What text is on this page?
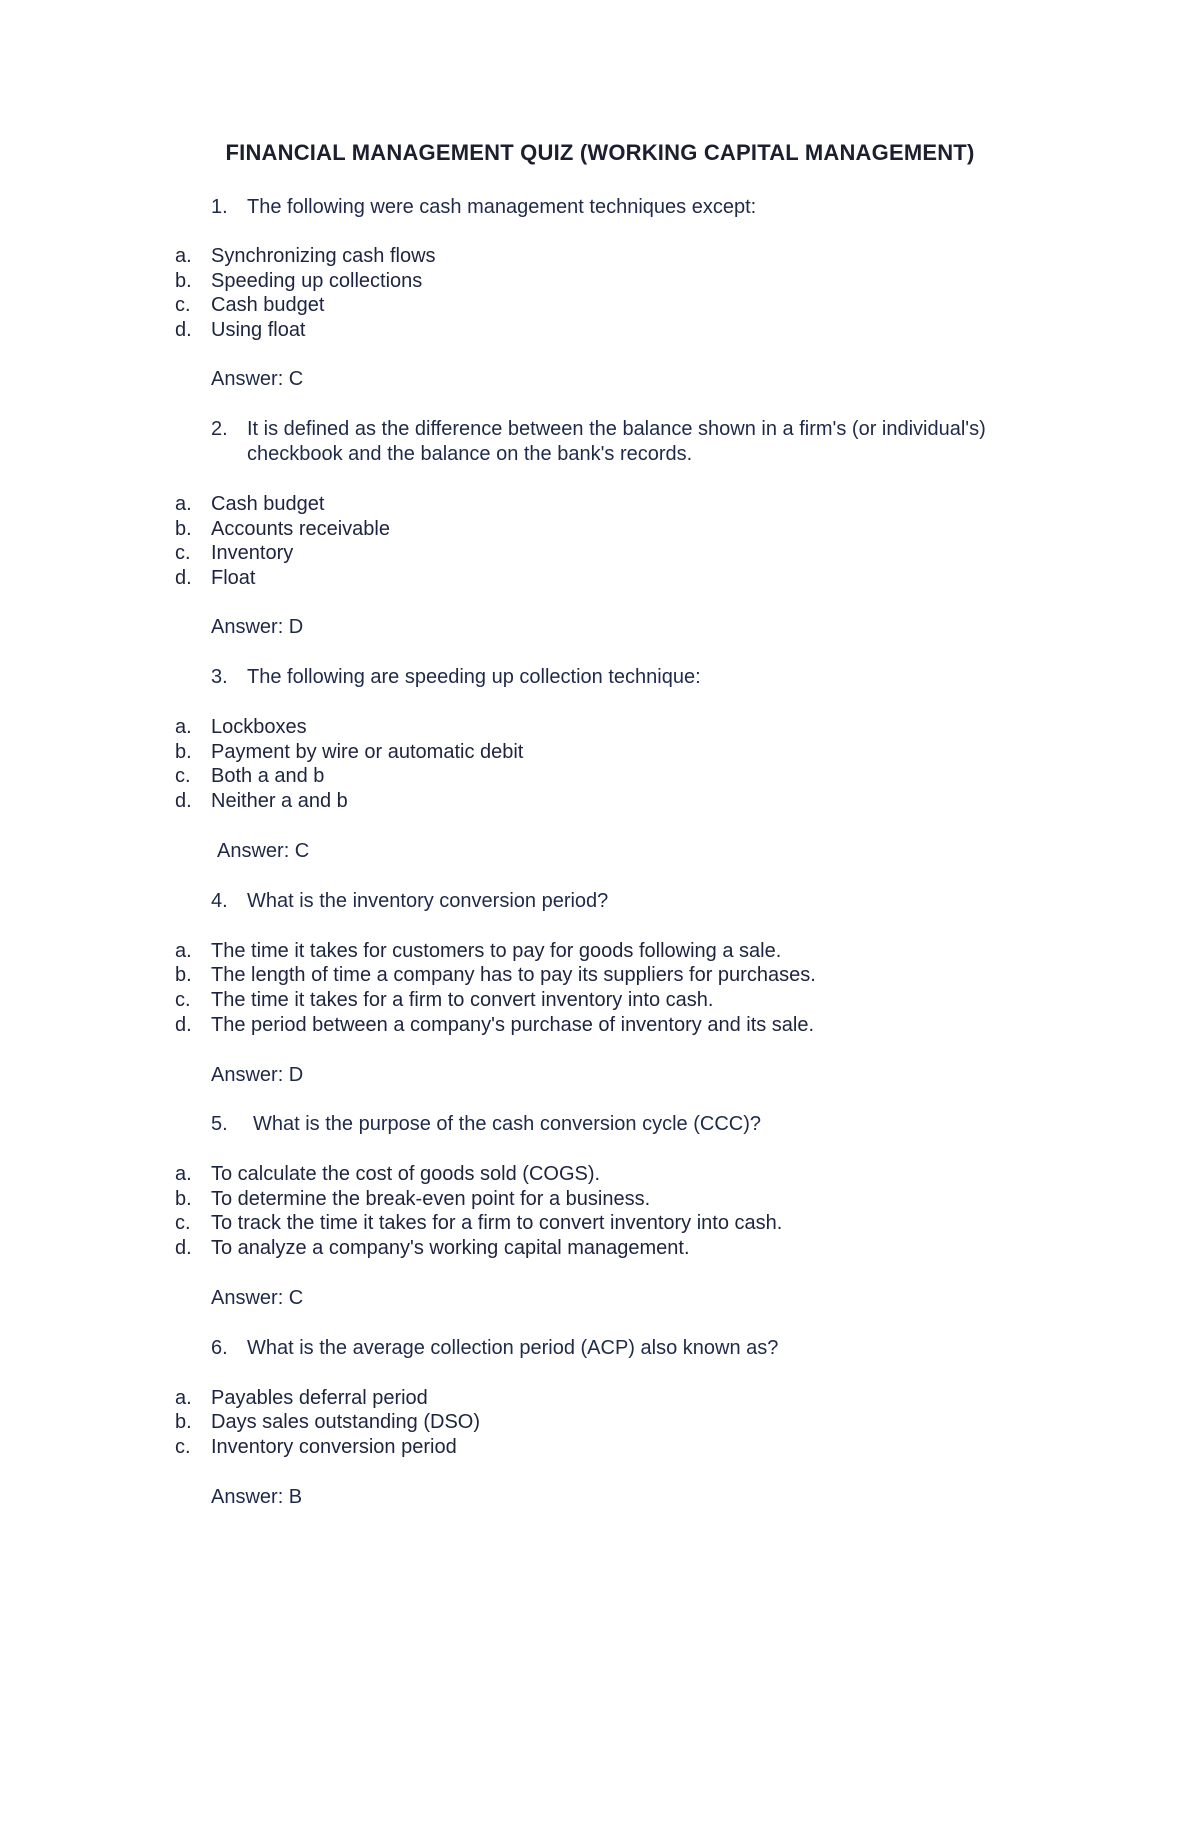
FINANCIAL MANAGEMENT QUIZ (WORKING CAPITAL MANAGEMENT)
1. The following were cash management techniques except:
a. Synchronizing cash flows
b. Speeding up collections
c. Cash budget
d. Using float
Answer: C
2. It is defined as the difference between the balance shown in a firm's (or individual's) checkbook and the balance on the bank's records.
a. Cash budget
b. Accounts receivable
c. Inventory
d. Float
Answer: D
3. The following are speeding up collection technique:
a. Lockboxes
b. Payment by wire or automatic debit
c. Both a and b
d. Neither a and b
Answer: C
4. What is the inventory conversion period?
a. The time it takes for customers to pay for goods following a sale.
b. The length of time a company has to pay its suppliers for purchases.
c. The time it takes for a firm to convert inventory into cash.
d. The period between a company's purchase of inventory and its sale.
Answer: D
5.	What is the purpose of the cash conversion cycle (CCC)?
a. To calculate the cost of goods sold (COGS).
b. To determine the break-even point for a business.
c. To track the time it takes for a firm to convert inventory into cash.
d. To analyze a company's working capital management.
Answer: C
6. What is the average collection period (ACP) also known as?
a. Payables deferral period
b. Days sales outstanding (DSO)
c. Inventory conversion period
Answer: B
